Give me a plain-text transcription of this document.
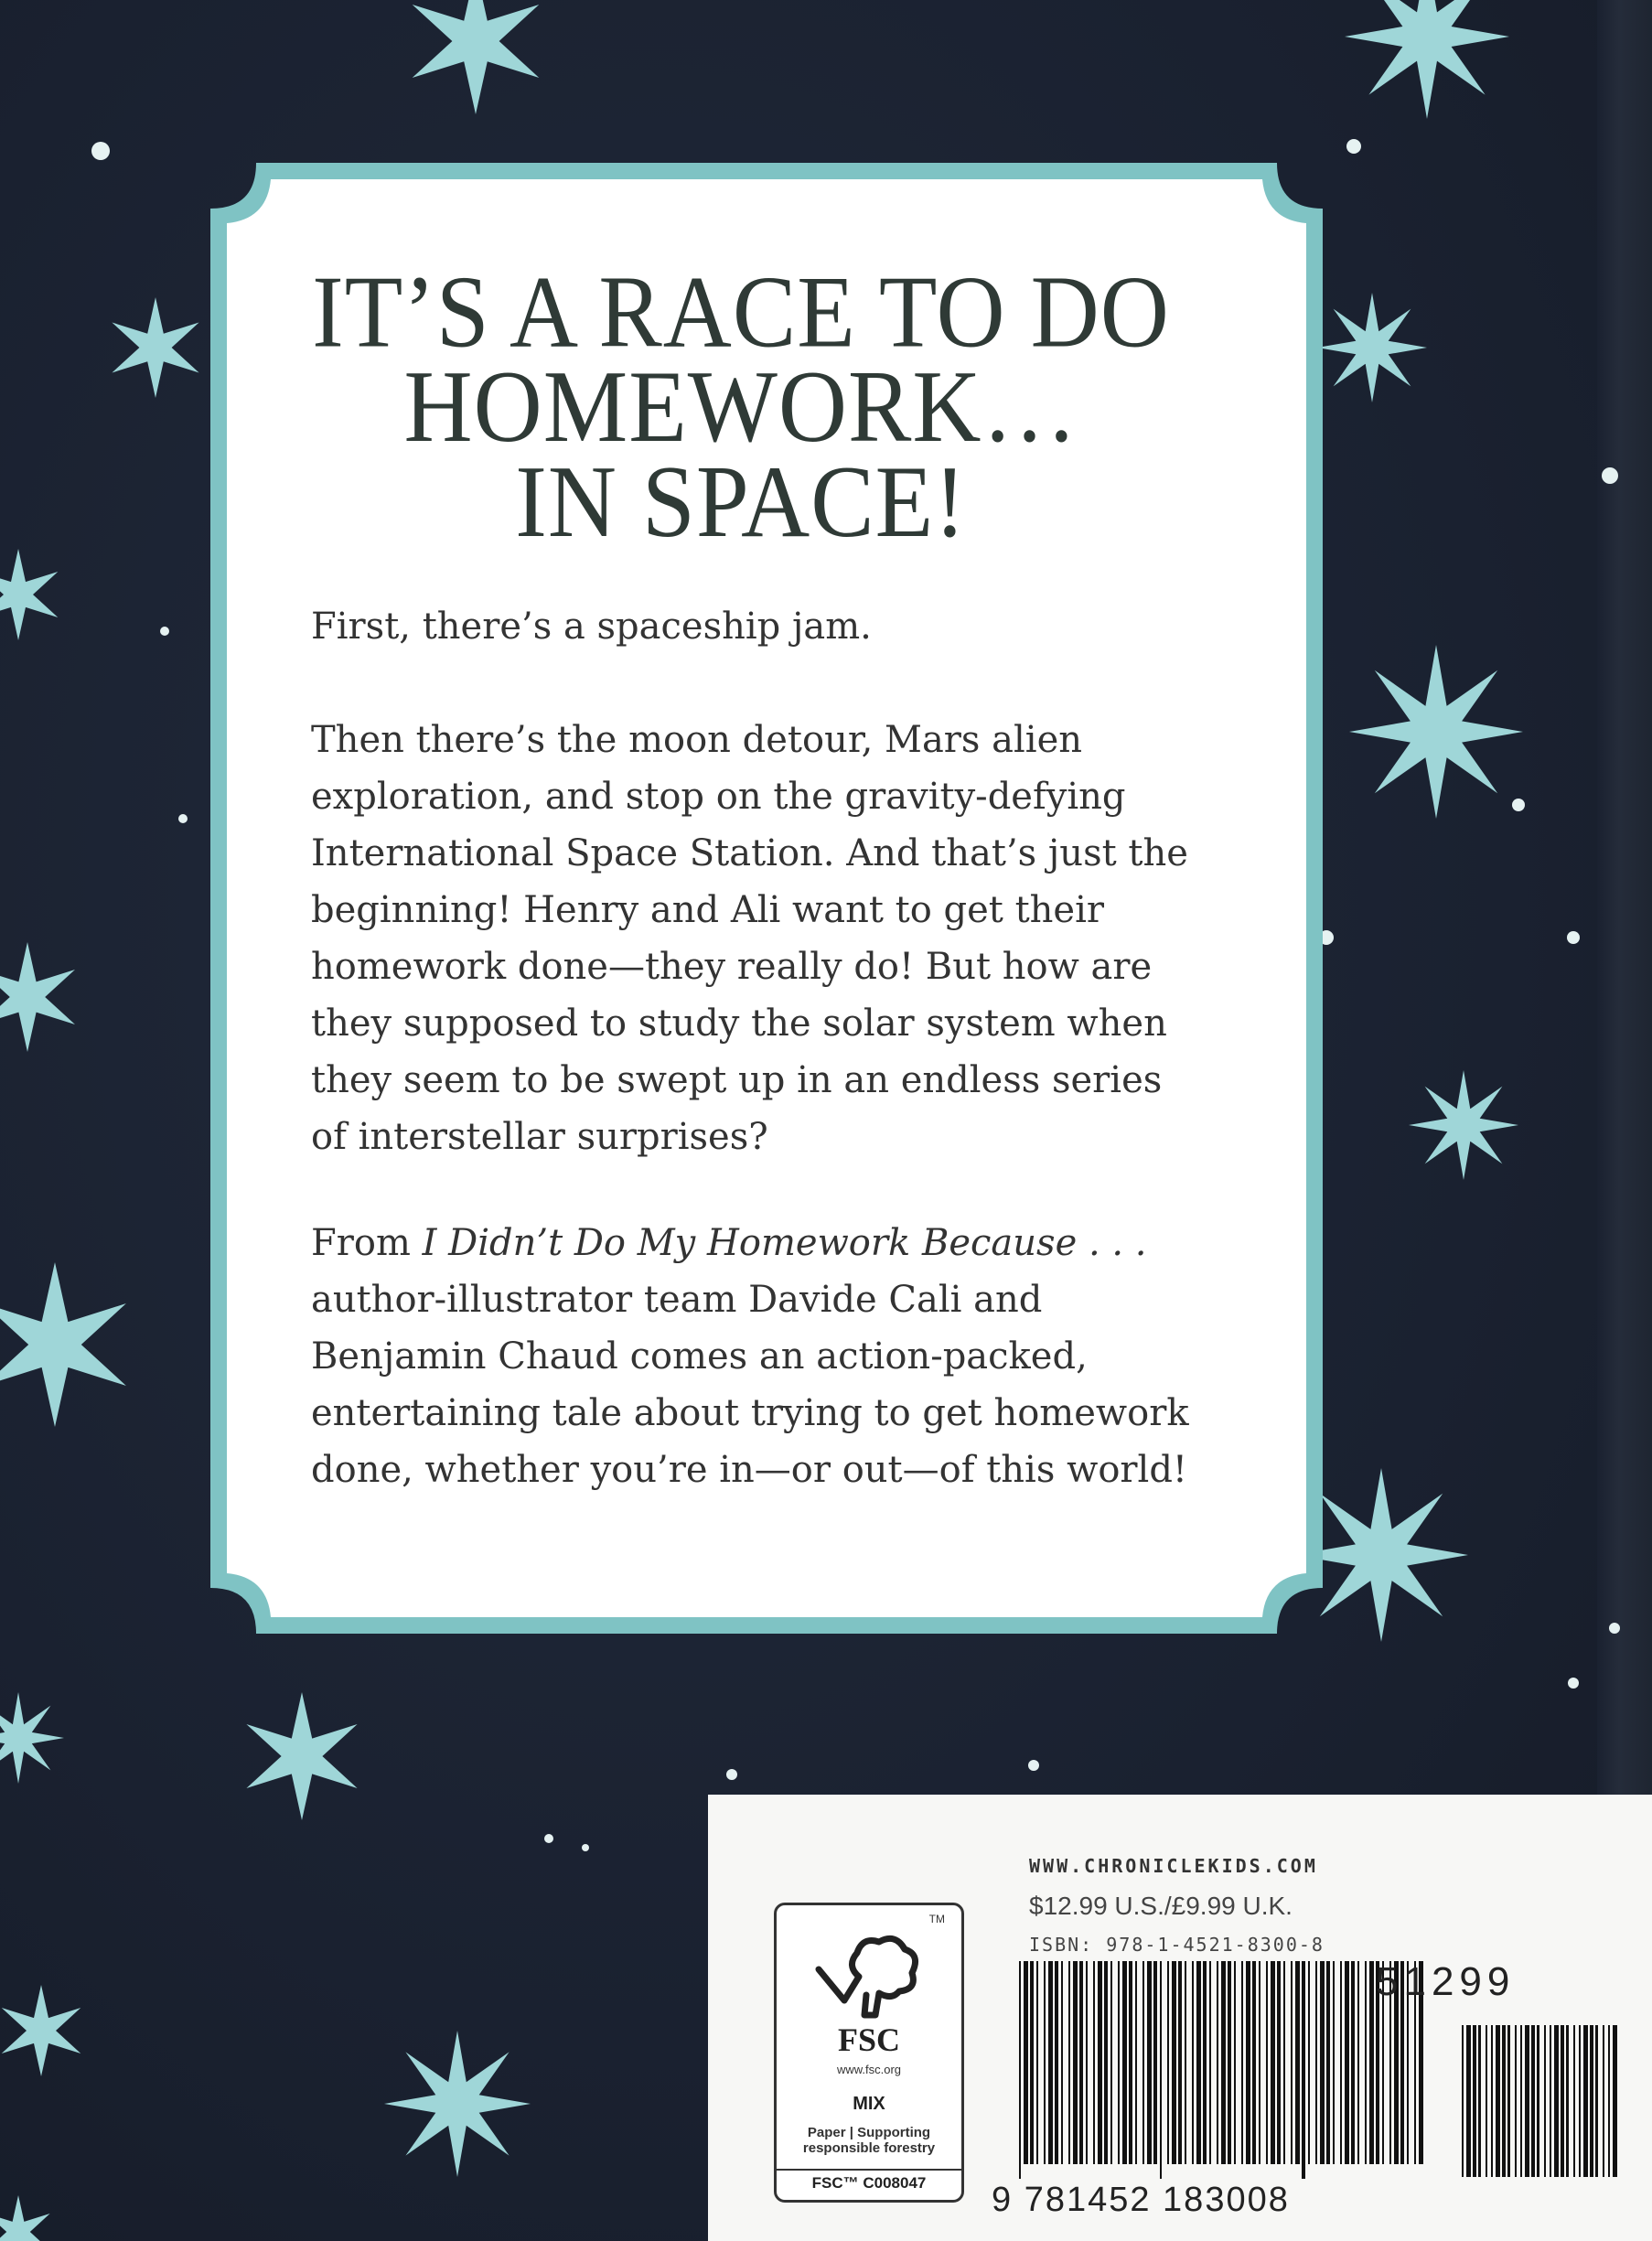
IT’S A RACE TO DO
HOMEWORK…
IN SPACE!

First, there’s a spaceship jam.

Then there’s the moon detour, Mars alien exploration, and stop on the gravity-defying International Space Station. And that’s just the beginning! Henry and Ali want to get their homework done—they really do! But how are they supposed to study the solar system when they seem to be swept up in an endless series of interstellar surprises?

From I Didn’t Do My Homework Because . . . author-illustrator team Davide Cali and Benjamin Chaud comes an action-packed, entertaining tale about trying to get homework done, whether you’re in—or out—of this world!

WWW.CHRONICLEKIDS.COM
$12.99 U.S./£9.99 U.K.
ISBN: 978-1-4521-8300-8
51299
9 781452 183008
TM
FSC
www.fsc.org
MIX
Paper | Supporting responsible forestry
FSC™ C008047
